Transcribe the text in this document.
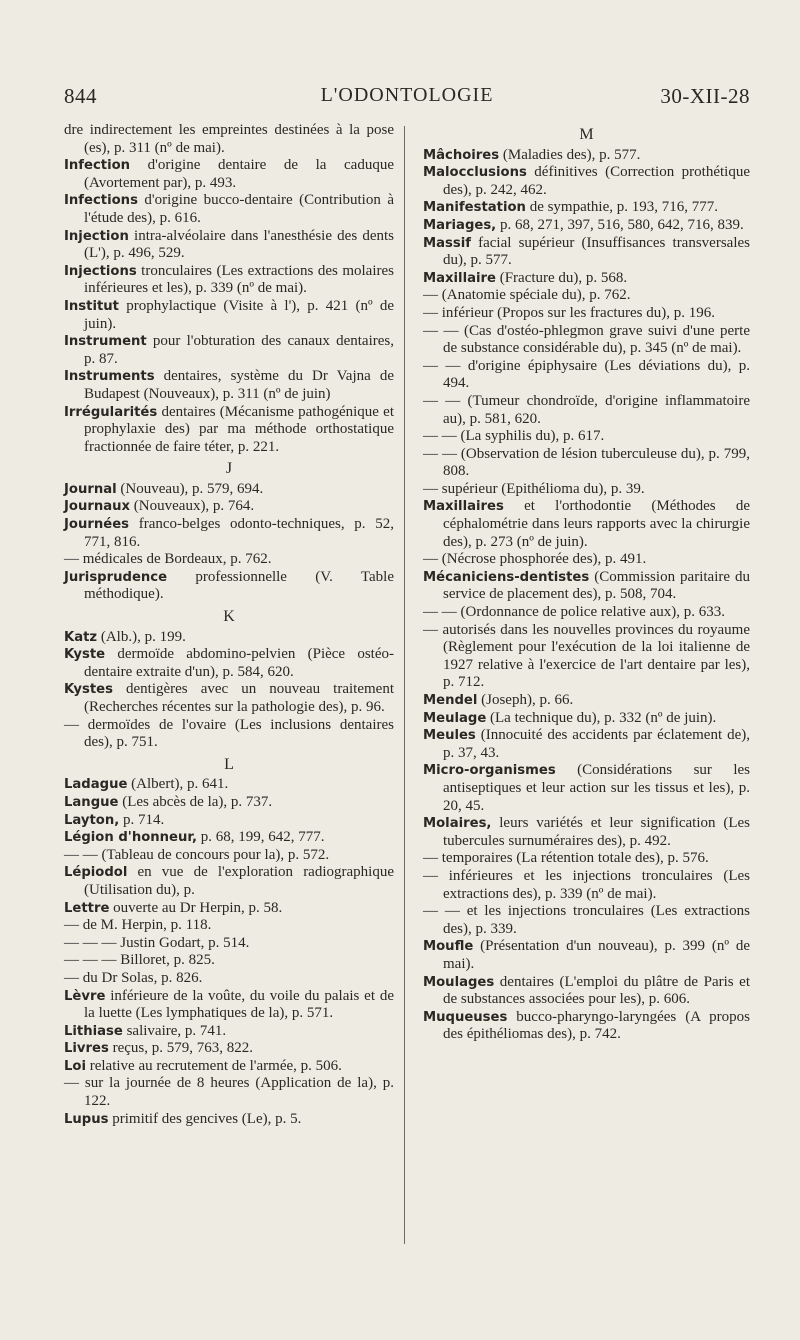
L'ODONTOLOGIE
844	30-XII-28

dre indirectement les empreintes destinées à la pose (es), p. 311 (nº de mai).

Infection d'origine dentaire de la caduque (Avortement par), p. 493.

Infections d'origine bucco-dentaire (Contribution à l'étude des), p. 616.

Injection intra-alvéolaire dans l'anesthésie des dents (L'), p. 496, 529.

Injections tronculaires (Les extractions des molaires inférieures et les), p. 339 (nº de mai).

Institut prophylactique (Visite à l'), p. 421 (nº de juin).

Instrument pour l'obturation des canaux dentaires, p. 87.

Instruments dentaires, système du Dr Vajna de Budapest (Nouveaux), p. 311 (nº de juin)

Irrégularités dentaires (Mécanisme pathogénique et prophylaxie des) par ma méthode orthostatique fractionnée de faire téter, p. 221.

J

Journal (Nouveau), p. 579, 694.

Journaux (Nouveaux), p. 764.

Journées franco-belges odonto-techniques, p. 52, 771, 816.

— médicales de Bordeaux, p. 762.

Jurisprudence professionnelle (V. Table méthodique).

K

Katz (Alb.), p. 199.

Kyste dermoïde abdomino-pelvien (Pièce ostéo-dentaire extraite d'un), p. 584, 620.

Kystes dentigères avec un nouveau traitement (Recherches récentes sur la pathologie des), p. 96.

— dermoïdes de l'ovaire (Les inclusions dentaires des), p. 751.

L

Ladague (Albert), p. 641.

Langue (Les abcès de la), p. 737.

Layton, p. 714.

Légion d'honneur, p. 68, 199, 642, 777.

— — (Tableau de concours pour la), p. 572.

Lépiodol en vue de l'exploration radiographique (Utilisation du), p.

Lettre ouverte au Dr Herpin, p. 58.

— de M. Herpin, p. 118.

— — — Justin Godart, p. 514.

— — — Billoret, p. 825.

— du Dr Solas, p. 826.

Lèvre inférieure de la voûte, du voile du palais et de la luette (Les lymphatiques de la), p. 571.

Lithiase salivaire, p. 741.

Livres reçus, p. 579, 763, 822.

Loi relative au recrutement de l'armée, p. 506.

— sur la journée de 8 heures (Application de la), p. 122.

Lupus primitif des gencives (Le), p. 5.

M

Mâchoires (Maladies des), p. 577.

Malocclusions définitives (Correction prothétique des), p. 242, 462.

Manifestation de sympathie, p. 193, 716, 777.

Mariages, p. 68, 271, 397, 516, 580, 642, 716, 839.

Massif facial supérieur (Insuffisances transversales du), p. 577.

Maxillaire (Fracture du), p. 568.

— (Anatomie spéciale du), p. 762.

— inférieur (Propos sur les fractures du), p. 196.

— — (Cas d'ostéo-phlegmon grave suivi d'une perte de substance considérable du), p. 345 (nº de mai).

— — d'origine épiphysaire (Les déviations du), p. 494.

— — (Tumeur chondroïde, d'origine inflammatoire au), p. 581, 620.

— — (La syphilis du), p. 617.

— — (Observation de lésion tuberculeuse du), p. 799, 808.

— supérieur (Epithélioma du), p. 39.

Maxillaires et l'orthodontie (Méthodes de céphalométrie dans leurs rapports avec la chirurgie des), p. 273 (nº de juin).

— (Nécrose phosphorée des), p. 491.

Mécaniciens-dentistes (Commission paritaire du service de placement des), p. 508, 704.

— — (Ordonnance de police relative aux), p. 633.

— autorisés dans les nouvelles provinces du royaume (Règlement pour l'exécution de la loi italienne de 1927 relative à l'exercice de l'art dentaire par les), p. 712.

Mendel (Joseph), p. 66.

Meulage (La technique du), p. 332 (nº de juin).

Meules (Innocuité des accidents par éclatement de), p. 37, 43.

Micro-organismes (Considérations sur les antiseptiques et leur action sur les tissus et les), p. 20, 45.

Molaires, leurs variétés et leur signification (Les tubercules surnuméraires des), p. 492.

— temporaires (La rétention totale des), p. 576.

— inférieures et les injections tronculaires (Les extractions des), p. 339 (nº de mai).

— — et les injections tronculaires (Les extractions des), p. 339.

Moufle (Présentation d'un nouveau), p. 399 (nº de mai).

Moulages dentaires (L'emploi du plâtre de Paris et de substances associées pour les), p. 606.

Muqueuses bucco-pharyngo-laryngées (A propos des épithéliomas des), p. 742.
